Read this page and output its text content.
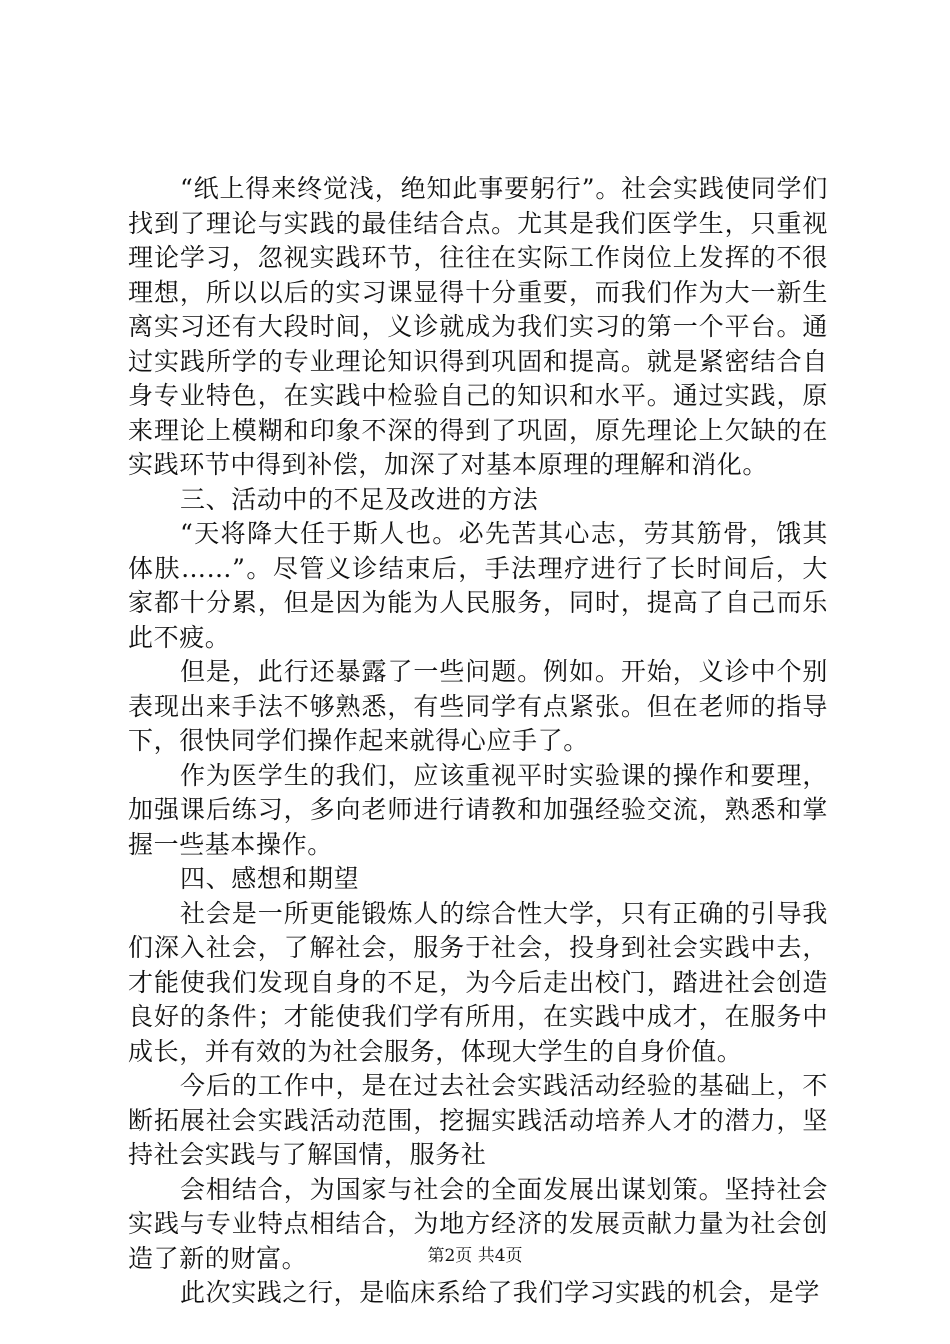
“纸上得来终觉浅，绝知此事要躬行”。社会实践使同学们找到了理论与实践的最佳结合点。尤其是我们医学生，只重视理论学习，忽视实践环节，往往在实际工作岗位上发挥的不很理想，所以以后的实习课显得十分重要，而我们作为大一新生离实习还有大段时间，义诊就成为我们实习的第一个平台。通过实践所学的专业理论知识得到巩固和提高。就是紧密结合自身专业特色，在实践中检验自己的知识和水平。通过实践，原来理论上模糊和印象不深的得到了巩固，原先理论上欠缺的在实践环节中得到补偿，加深了对基本原理的理解和消化。

三、活动中的不足及改进的方法

“天将降大任于斯人也。必先苦其心志，劳其筋骨，饿其体肤……”。尽管义诊结束后，手法理疗进行了长时间后，大家都十分累，但是因为能为人民服务，同时，提高了自己而乐此不疲。

但是，此行还暴露了一些问题。例如。开始，义诊中个别表现出来手法不够熟悉，有些同学有点紧张。但在老师的指导下，很快同学们操作起来就得心应手了。

作为医学生的我们，应该重视平时实验课的操作和要理，加强课后练习，多向老师进行请教和加强经验交流，熟悉和掌握一些基本操作。

四、感想和期望

社会是一所更能锻炼人的综合性大学，只有正确的引导我们深入社会，了解社会，服务于社会，投身到社会实践中去，才能使我们发现自身的不足，为今后走出校门，踏进社会创造良好的条件；才能使我们学有所用，在实践中成才，在服务中成长，并有效的为社会服务，体现大学生的自身价值。

今后的工作中，是在过去社会实践活动经验的基础上，不断拓展社会实践活动范围，挖掘实践活动培养人才的潜力，坚持社会实践与了解国情，服务社

会相结合，为国家与社会的全面发展出谋划策。坚持社会实践与专业特点相结合，为地方经济的发展贡献力量为社会创造了新的财富。

此次实践之行，是临床系给了我们学习实践的机会，是学

第2页 共4页
